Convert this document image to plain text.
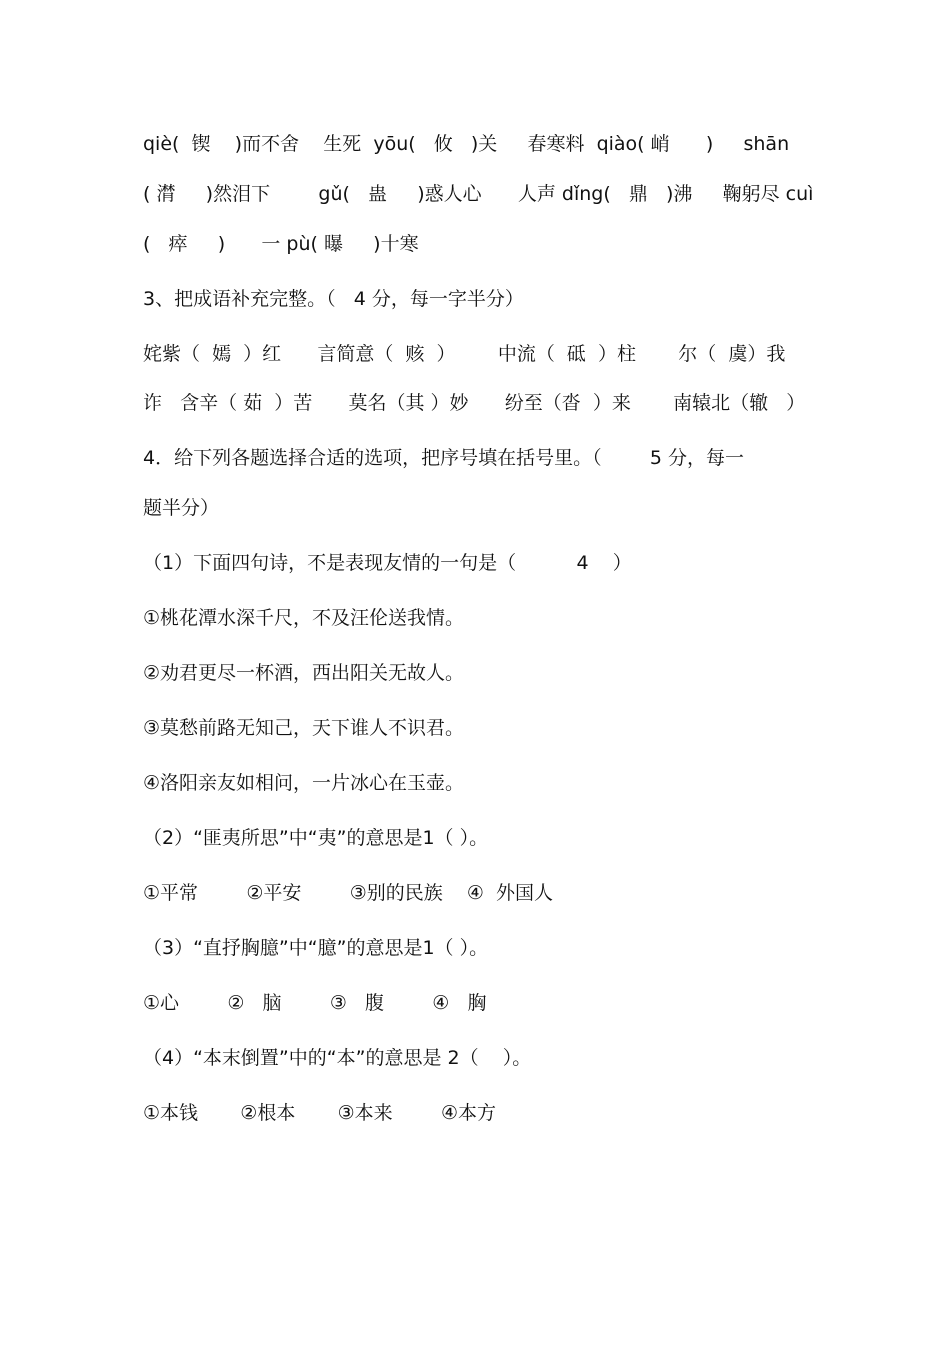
qiè(  锲    )而不舍    生死  yōu(   攸   )关     春寒料  qiào( 峭      )     shān
( 潸     )然泪下        gǔ(   蛊     )惑人心      人声 dǐng(   鼎   )沸     鞠躬尽 cuì
(   瘁     )      一 pù( 曝     )十寒
3、把成语补充完整。（   4 分，每一字半分）
姹紫（  嫣  ）红      言简意（  赅  ）       中流（  砥  ）柱       尔（  虞）我
诈   含辛（ 茹  ）苦      莫名（其 ）妙      纷至（沓  ）来       南辕北（辙   ）
4．给下列各题选择合适的选项，把序号填在括号里。（        5 分，每一
题半分）
（1）下面四句诗，不是表现友情的一句是（          4    ）
①桃花潭水深千尺，不及汪伦送我情。
②劝君更尽一杯酒，西出阳关无故人。
③莫愁前路无知己，天下谁人不识君。
④洛阳亲友如相问，一片冰心在玉壶。
（2）“匪夷所思”中“夷”的意思是1（ ）。
①平常        ②平安        ③别的民族    ④  外国人
（3）“直抒胸臆”中“臆”的意思是1（ ）。
①心        ②   脑        ③   腹        ④   胸
（4）“本末倒置”中的“本”的意思是 2（    ）。
①本钱       ②根本       ③本来        ④本方
